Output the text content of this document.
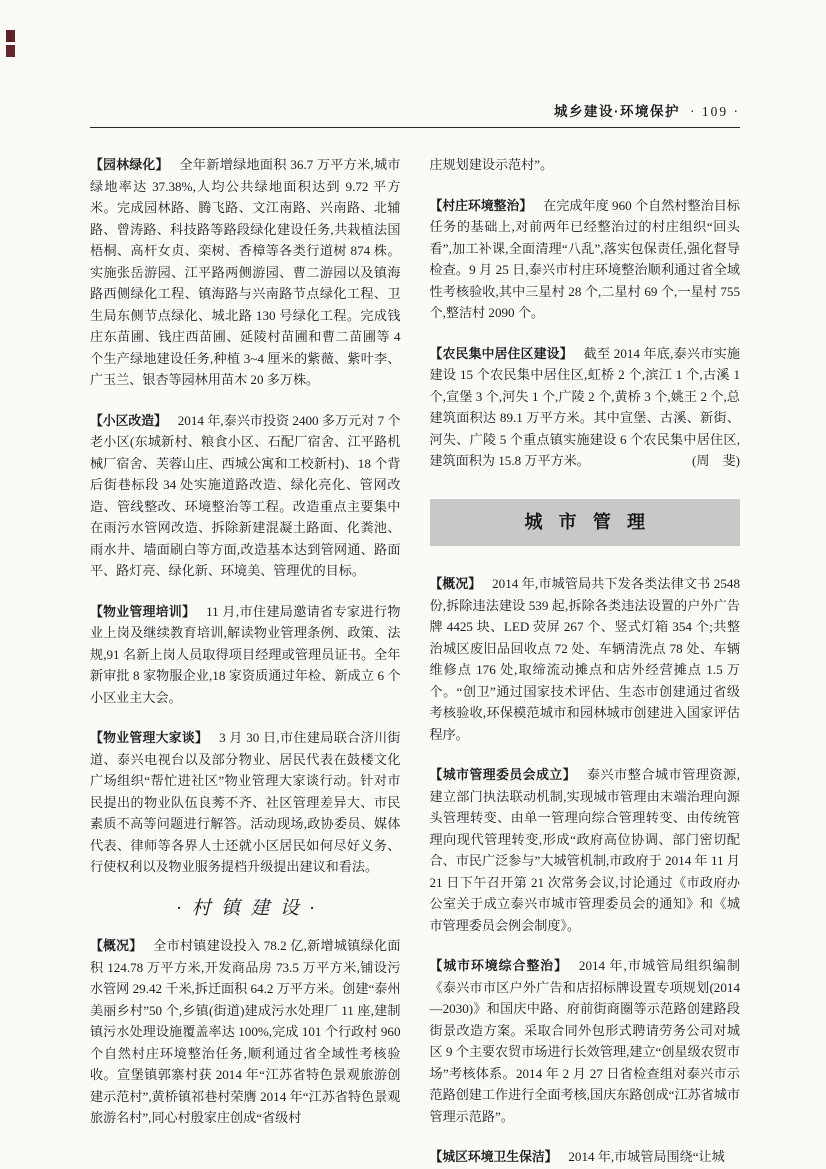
城乡建设·环境保护 · 109 ·

【园林绿化】 全年新增绿地面积 36.7 万平方米,城市绿地率达 37.38%,人均公共绿地面积达到 9.72 平方米。完成园林路、腾飞路、文江南路、兴南路、北辅路、曾涛路、科技路等路段绿化建设任务,共栽植法国梧桐、高杆女贞、栾树、香樟等各类行道树 874 株。实施张岳游园、江平路两侧游园、曹二游园以及镇海路西侧绿化工程、镇海路与兴南路节点绿化工程、卫生局东侧节点绿化、城北路 130 号绿化工程。完成钱庄东苗圃、钱庄西苗圃、延陵村苗圃和曹二苗圃等 4 个生产绿地建设任务,种植 3~4 厘米的紫薇、紫叶李、广玉兰、银杏等园林用苗木 20 多万株。

【小区改造】 2014 年,泰兴市投资 2400 多万元对 7 个老小区(东城新村、粮食小区、石配厂宿舍、江平路机械厂宿舍、芙蓉山庄、西城公寓和工校新村)、18 个背后街巷标段 34 处实施道路改造、绿化亮化、管网改造、管线整改、环境整治等工程。改造重点主要集中在雨污水管网改造、拆除新建混凝土路面、化粪池、雨水井、墙面刷白等方面,改造基本达到管网通、路面平、路灯亮、绿化新、环境美、管理优的目标。

【物业管理培训】 11 月,市住建局邀请省专家进行物业上岗及继续教育培训,解读物业管理条例、政策、法规,91 名新上岗人员取得项目经理或管理员证书。全年新审批 8 家物服企业,18 家资质通过年检、新成立 6 个小区业主大会。

【物业管理大家谈】 3 月 30 日,市住建局联合济川街道、泰兴电视台以及部分物业、居民代表在鼓楼文化广场组织“帮忙进社区”物业管理大家谈行动。针对市民提出的物业队伍良莠不齐、社区管理差异大、市民素质不高等问题进行解答。活动现场,政协委员、媒体代表、律师等各界人士还就小区居民如何尽好义务、行使权利以及物业服务提档升级提出建议和看法。

·村镇建设·

【概况】 全市村镇建设投入 78.2 亿,新增城镇绿化面积 124.78 万平方米,开发商品房 73.5 万平方米,铺设污水管网 29.42 千米,拆迁面积 64.2 万平方米。创建“泰州美丽乡村”50 个,乡镇(街道)建成污水处理厂 11 座,建制镇污水处理设施覆盖率达 100%,完成 101 个行政村 960 个自然村庄环境整治任务,顺利通过省全域性考核验收。宣堡镇郭寨村获 2014 年“江苏省特色景观旅游创建示范村”,黄桥镇祁巷村荣膺 2014 年“江苏省特色景观旅游名村”,同心村殷家庄创成“省级村

庄规划建设示范村”。

【村庄环境整治】 在完成年度 960 个自然村整治目标任务的基础上,对前两年已经整治过的村庄组织“回头看”,加工补课,全面清理“八乱”,落实包保责任,强化督导检查。9 月 25 日,泰兴市村庄环境整治顺利通过省全域性考核验收,其中三星村 28 个,二星村 69 个,一星村 755 个,整洁村 2090 个。

【农民集中居住区建设】 截至 2014 年底,泰兴市实施建设 15 个农民集中居住区,虹桥 2 个,滨江 1 个,古溪 1 个,宣堡 3 个,河失 1 个,广陵 2 个,黄桥 3 个,姚王 2 个,总建筑面积达 89.1 万平方米。其中宣堡、古溪、新街、河失、广陵 5 个重点镇实施建设 6 个农民集中居住区,建筑面积为 15.8 万平方米。	(周　斐)

城市管理

【概况】 2014 年,市城管局共下发各类法律文书 2548 份,拆除违法建设 539 起,拆除各类违法设置的户外广告牌 4425 块、LED 荧屏 267 个、竖式灯箱 354 个;共整治城区废旧品回收点 72 处、车辆清洗点 78 处、车辆维修点 176 处,取缔流动摊点和店外经营摊点 1.5 万个。“创卫”通过国家技术评估、生态市创建通过省级考核验收,环保模范城市和园林城市创建进入国家评估程序。

【城市管理委员会成立】 泰兴市整合城市管理资源,建立部门执法联动机制,实现城市管理由末端治理向源头管理转变、由单一管理向综合管理转变、由传统管理向现代管理转变,形成“政府高位协调、部门密切配合、市民广泛参与”大城管机制,市政府于 2014 年 11 月 21 日下午召开第 21 次常务会议,讨论通过《市政府办公室关于成立泰兴市城市管理委员会的通知》和《城市管理委员会例会制度》。

【城市环境综合整治】 2014 年,市城管局组织编制《泰兴市市区户外广告和店招标牌设置专项规划(2014—2030)》和国庆中路、府前街商圈等示范路创建路段街景改造方案。采取合同外包形式聘请劳务公司对城区 9 个主要农贸市场进行长效管理,建立“创星级农贸市场”考核体系。2014 年 2 月 27 日省检查组对泰兴市示范路创建工作进行全面考核,国庆东路创成“江苏省城市管理示范路”。

【城区环境卫生保洁】 2014 年,市城管局围绕“让城
